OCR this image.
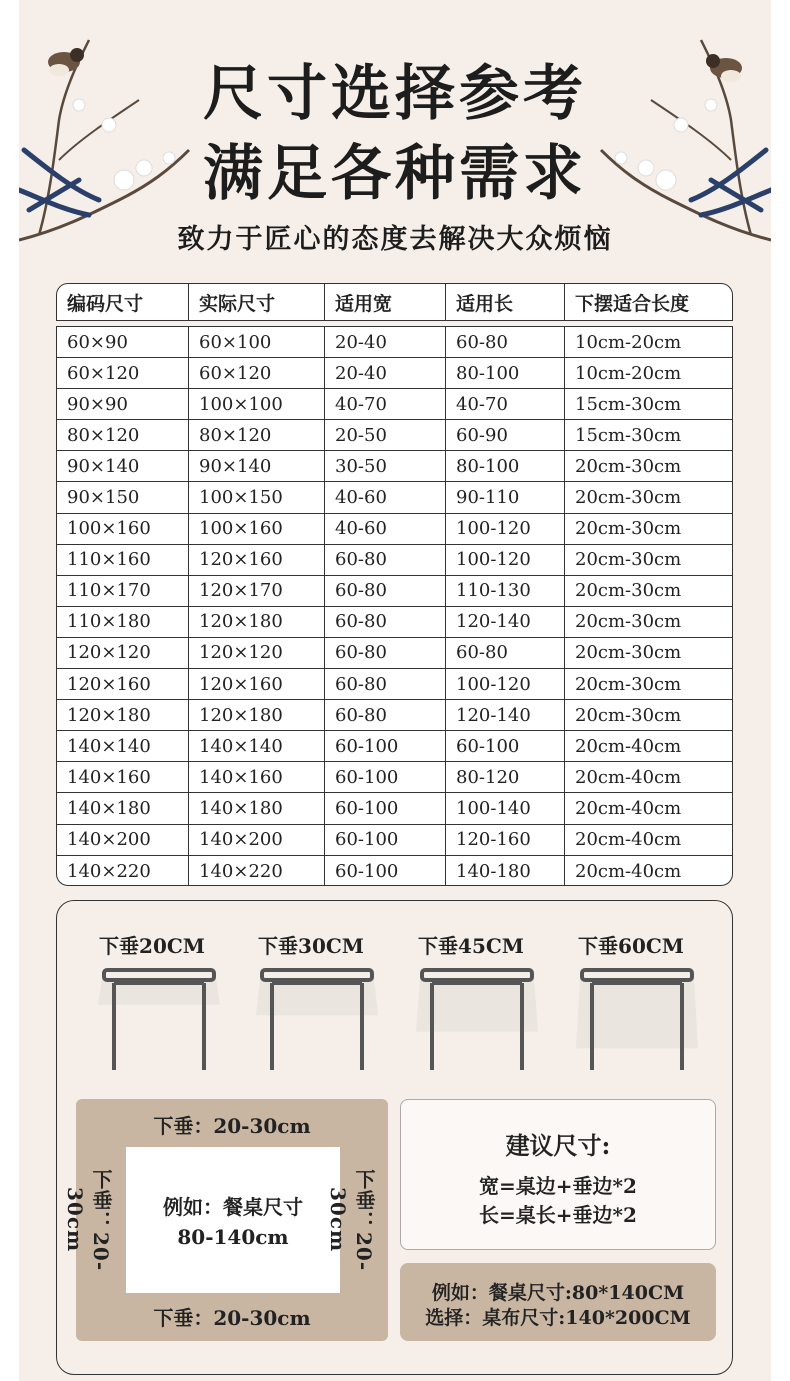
尺寸选择参考
满足各种需求
致力于匠心的态度去解决大众烦恼
编码尺寸	实际尺寸	适用宽	适用长	下摆适合长度
60×90	60×100	20-40	60-80	10cm-20cm
60×120	60×120	20-40	80-100	10cm-20cm
90×90	100×100	40-70	40-70	15cm-30cm
80×120	80×120	20-50	60-90	15cm-30cm
90×140	90×140	30-50	80-100	20cm-30cm
90×150	100×150	40-60	90-110	20cm-30cm
100×160	100×160	40-60	100-120	20cm-30cm
110×160	120×160	60-80	100-120	20cm-30cm
110×170	120×170	60-80	110-130	20cm-30cm
110×180	120×180	60-80	120-140	20cm-30cm
120×120	120×120	60-80	60-80	20cm-30cm
120×160	120×160	60-80	100-120	20cm-30cm
120×180	120×180	60-80	120-140	20cm-30cm
140×140	140×140	60-100	60-100	20cm-40cm
140×160	140×160	60-100	80-120	20cm-40cm
140×180	140×180	60-100	100-140	20cm-40cm
140×200	140×200	60-100	120-160	20cm-40cm
140×220	140×220	60-100	140-180	20cm-40cm
下垂20CM	下垂30CM	下垂45CM	下垂60CM
下垂：20-30cm
下垂：20-30cm
下垂：20-30cm	下垂：20-30cm
例如：餐桌尺寸
80-140cm
建议尺寸:
宽=桌边+垂边*2
长=桌长+垂边*2
例如：餐桌尺寸:80*140CM
选择：桌布尺寸:140*200CM
